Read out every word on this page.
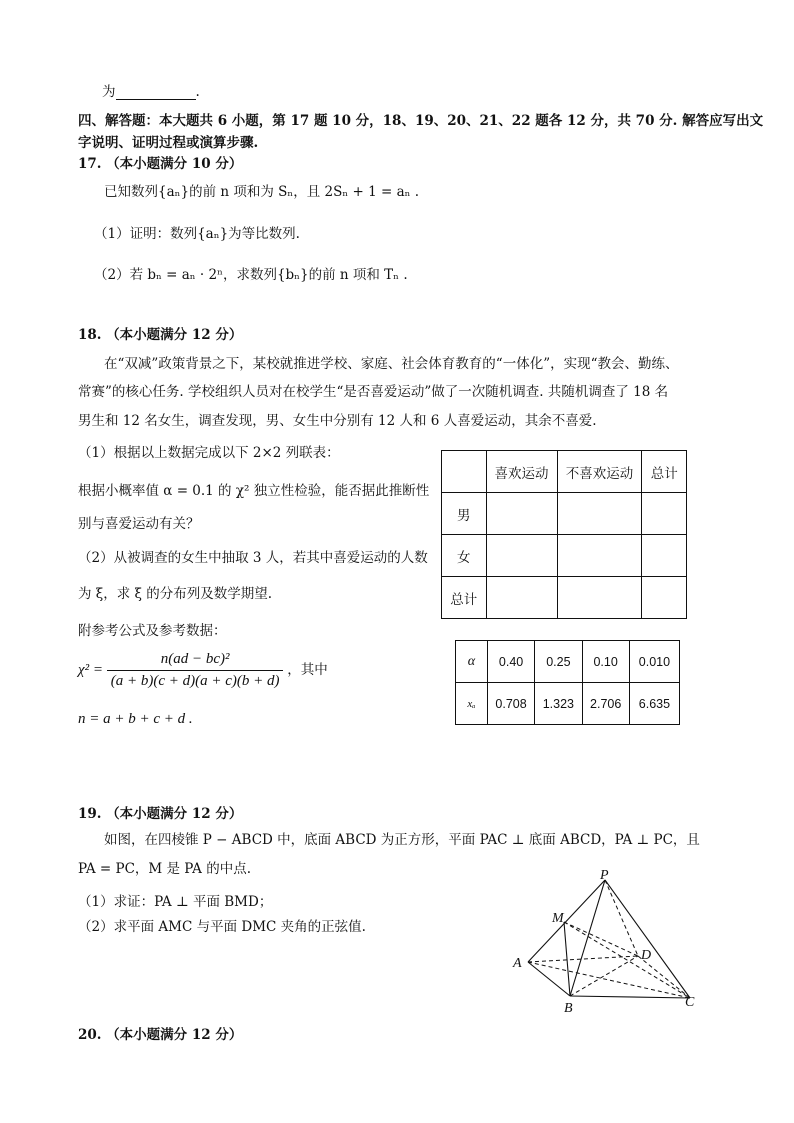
为	.
四、解答题：本大题共 6 小题，第 17 题 10 分，18、19、20、21、22 题各 12 分，共 70 分. 解答应写出文
字说明、证明过程或演算步骤.
17. （本小题满分 10 分）
已知数列{aₙ}的前 n 项和为 Sₙ，且 2Sₙ + 1 = aₙ .
（1）证明：数列{aₙ}为等比数列.
（2）若 bₙ = aₙ · 2ⁿ，求数列{bₙ}的前 n 项和 Tₙ .
18. （本小题满分 12 分）
在“双减”政策背景之下，某校就推进学校、家庭、社会体育教育的“一体化”，实现“教会、勤练、
常赛”的核心任务. 学校组织人员对在校学生“是否喜爱运动”做了一次随机调查. 共随机调查了 18 名
男生和 12 名女生，调查发现，男、女生中分别有 12 人和 6 人喜爱运动，其余不喜爱.
（1）根据以上数据完成以下 2×2 列联表：
根据小概率值 α = 0.1 的 χ² 独立性检验，能否据此推断性
别与喜爱运动有关？
（2）从被调查的女生中抽取 3 人，若其中喜爱运动的人数
为 ξ，求 ξ 的分布列及数学期望.
附参考公式及参考数据：
$\chi^2 = \frac{\text{n(ad − bc)²}}{(a + b)(c + d)(a + c)(b + d)}$ ，其中
n = a + b + c + d .
	喜欢运动	不喜欢运动	总计
男			
女			
总计			
α	0.40	0.25	0.10	0.010
xₐ	0.708	1.323	2.706	6.635
19. （本小题满分 12 分）
如图，在四棱锥 P − ABCD 中，底面 ABCD 为正方形，平面 PAC ⊥ 底面 ABCD，PA ⊥ PC，且
PA = PC，M 是 PA 的中点.
（1）求证：PA ⊥ 平面 BMD；
（2）求平面 AMC 与平面 DMC 夹角的正弦值.
P
M
A
D
B	C
20. （本小题满分 12 分）
